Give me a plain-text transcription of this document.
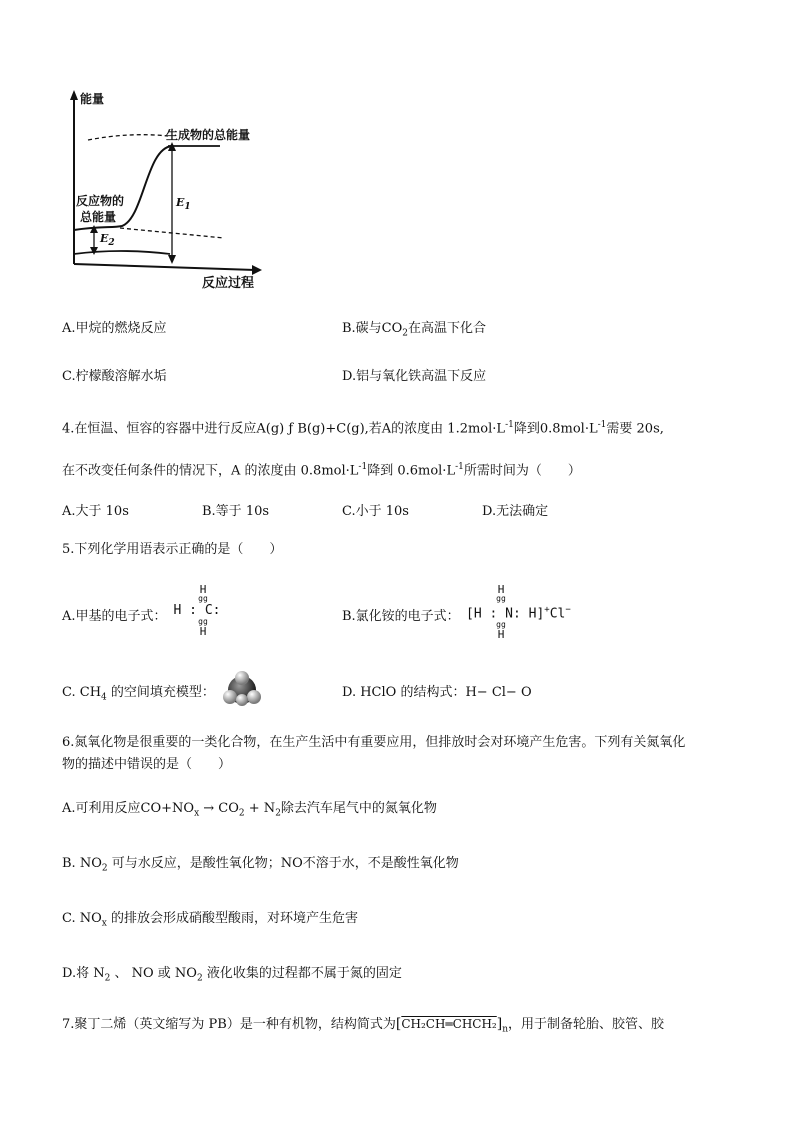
能量
生成物的总能量
反应物的
总能量
$E_1$
$E_2$
反应过程
A.甲烷的燃烧反应	B.碳与$CO_2$在高温下化合
C.柠檬酸溶解水垢	D.铝与氧化铁高温下反应
4.在恒温、恒容的容器中进行反应A(g) ƒ B(g)+C(g),若A的浓度由 $1.2mol\cdot L^{-1}$降到$0.8mol\cdot L^{-1}$需要 20s,
在不改变任何条件的情况下，A 的浓度由 $0.8mol\cdot L^{-1}$降到 $0.6mol\cdot L^{-1}$所需时间为（　　）
A.大于 10s	B.等于 10s	C.小于 10s	D.无法确定
5.下列化学用语表示正确的是（　　）
A.甲基的电子式：
H
gg
H : C:
gg
H
B.氯化铵的电子式：
H
gg
[H : N: H]+Cl−
gg
H
C. $CH_4$ 的空间填充模型：	D. HClO 的结构式：H− Cl− O
6.氮氧化物是很重要的一类化合物，在生产生活中有重要应用，但排放时会对环境产生危害。下列有关氮氧化
物的描述中错误的是（　　）
A.可利用反应$CO+NO_x \to CO_2 + N_2$除去汽车尾气中的氮氧化物
B. $NO_2$ 可与水反应，是酸性氧化物；NO不溶于水，不是酸性氧化物
C. $NO_x$ 的排放会形成硝酸型酸雨，对环境产生危害
D.将 $N_2$ 、 NO 或 $NO_2$ 液化收集的过程都不属于氮的固定
7.聚丁二烯（英文缩写为 PB）是一种有机物，结构简式为$[CH_2CH═CHCH_2]_n$，用于制备轮胎、胶管、胶
